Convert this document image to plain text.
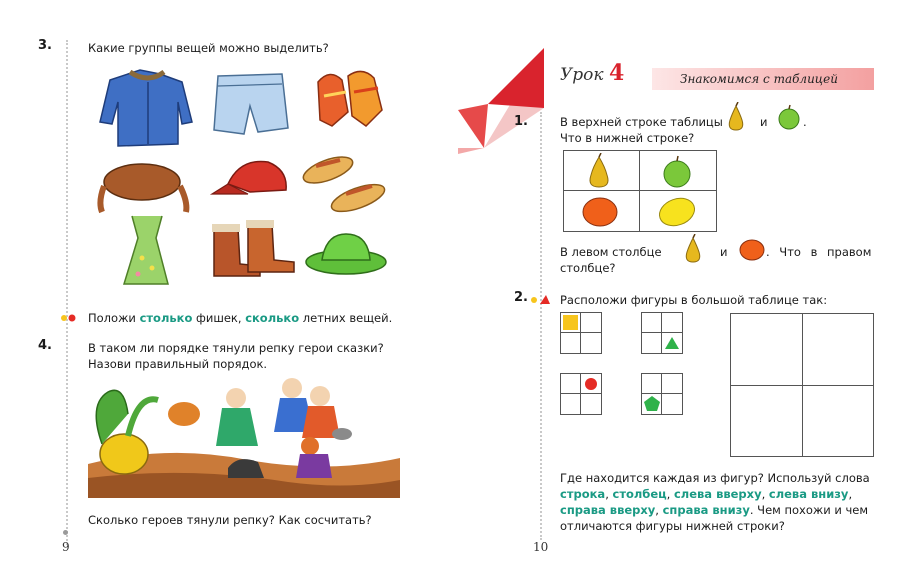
3.	Какие группы вещей можно выделить?
Положи столько фишек, сколько летних вещей.
4.	В таком ли порядке тянули репку герои сказки?
Назови правильный порядок.
Сколько героев тянули репку? Как сосчитать?
9
Урок 4	Знакомимся с таблицей
1.	В верхней строке таблицы	и	.
Что в нижней строке?
В левом столбце	и	. Что в правом
столбце?
2.	Расположи фигуры в большой таблице так:
Где находится каждая из фигур? Используй слова
строка, столбец, слева вверху, слева внизу,
справа вверху, справа внизу. Чем похожи и чем
отличаются фигуры нижней строки?
10
